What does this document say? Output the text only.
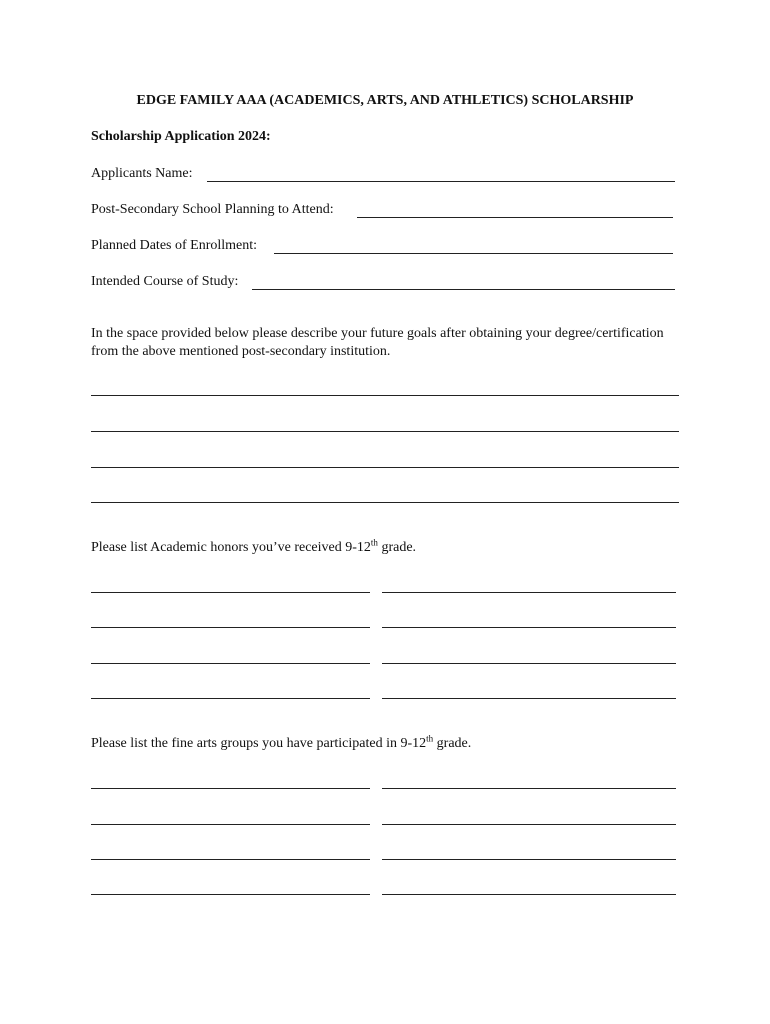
EDGE FAMILY AAA (ACADEMICS, ARTS, AND ATHLETICS) SCHOLARSHIP
Scholarship Application 2024:
Applicants Name:
Post-Secondary School Planning to Attend:
Planned Dates of Enrollment:
Intended Course of Study:
In the space provided below please describe your future goals after obtaining your degree/certification from the above mentioned post-secondary institution.
Please list Academic honors you’ve received 9-12th grade.
Please list the fine arts groups you have participated in 9-12th grade.
